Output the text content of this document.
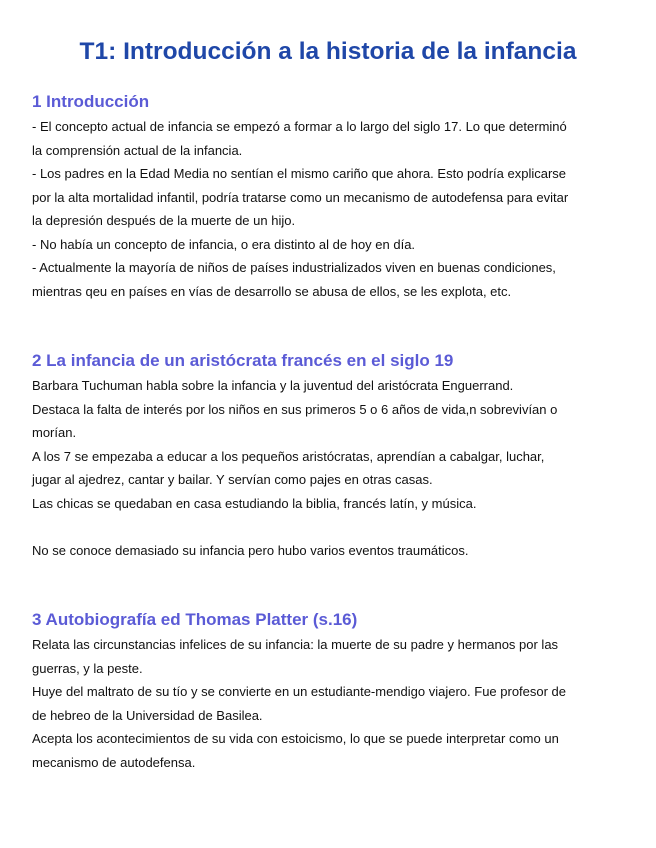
T1: Introducción a la historia de la infancia
1 Introducción
- El concepto actual de infancia se empezó a formar a lo largo del siglo 17. Lo que determinó
la comprensión actual de la infancia.
- Los padres en la Edad Media no sentían el mismo cariño que ahora. Esto podría explicarse
por la alta mortalidad infantil, podría tratarse como un mecanismo de autodefensa para evitar
la depresión después de la muerte de un hijo.
- No había un concepto de infancia, o era distinto al de hoy en día.
- Actualmente la mayoría de niños de países industrializados viven en buenas condiciones,
mientras qeu en países en vías de desarrollo se abusa de ellos, se les explota, etc.
2 La infancia de un aristócrata francés en el siglo 19
Barbara Tuchuman habla sobre la infancia y la juventud del aristócrata Enguerrand.
Destaca la falta de interés por los niños en sus primeros 5 o 6 años de vida,n sobrevivían o
morían.
A los 7 se empezaba a educar a los pequeños aristócratas, aprendían a cabalgar, luchar,
jugar al ajedrez, cantar y bailar. Y servían como pajes en otras casas.
Las chicas se quedaban en casa estudiando la biblia, francés latín, y música.
No se conoce demasiado su infancia pero hubo varios eventos traumáticos.
3 Autobiografía ed Thomas Platter (s.16)
Relata las circunstancias infelices de su infancia: la muerte de su padre y hermanos por las
guerras, y la peste.
Huye del maltrato de su tío y se convierte en un estudiante-mendigo viajero. Fue profesor de
de hebreo de la Universidad de Basilea.
Acepta los acontecimientos de su vida con estoicismo, lo que se puede interpretar como un
mecanismo de autodefensa.
